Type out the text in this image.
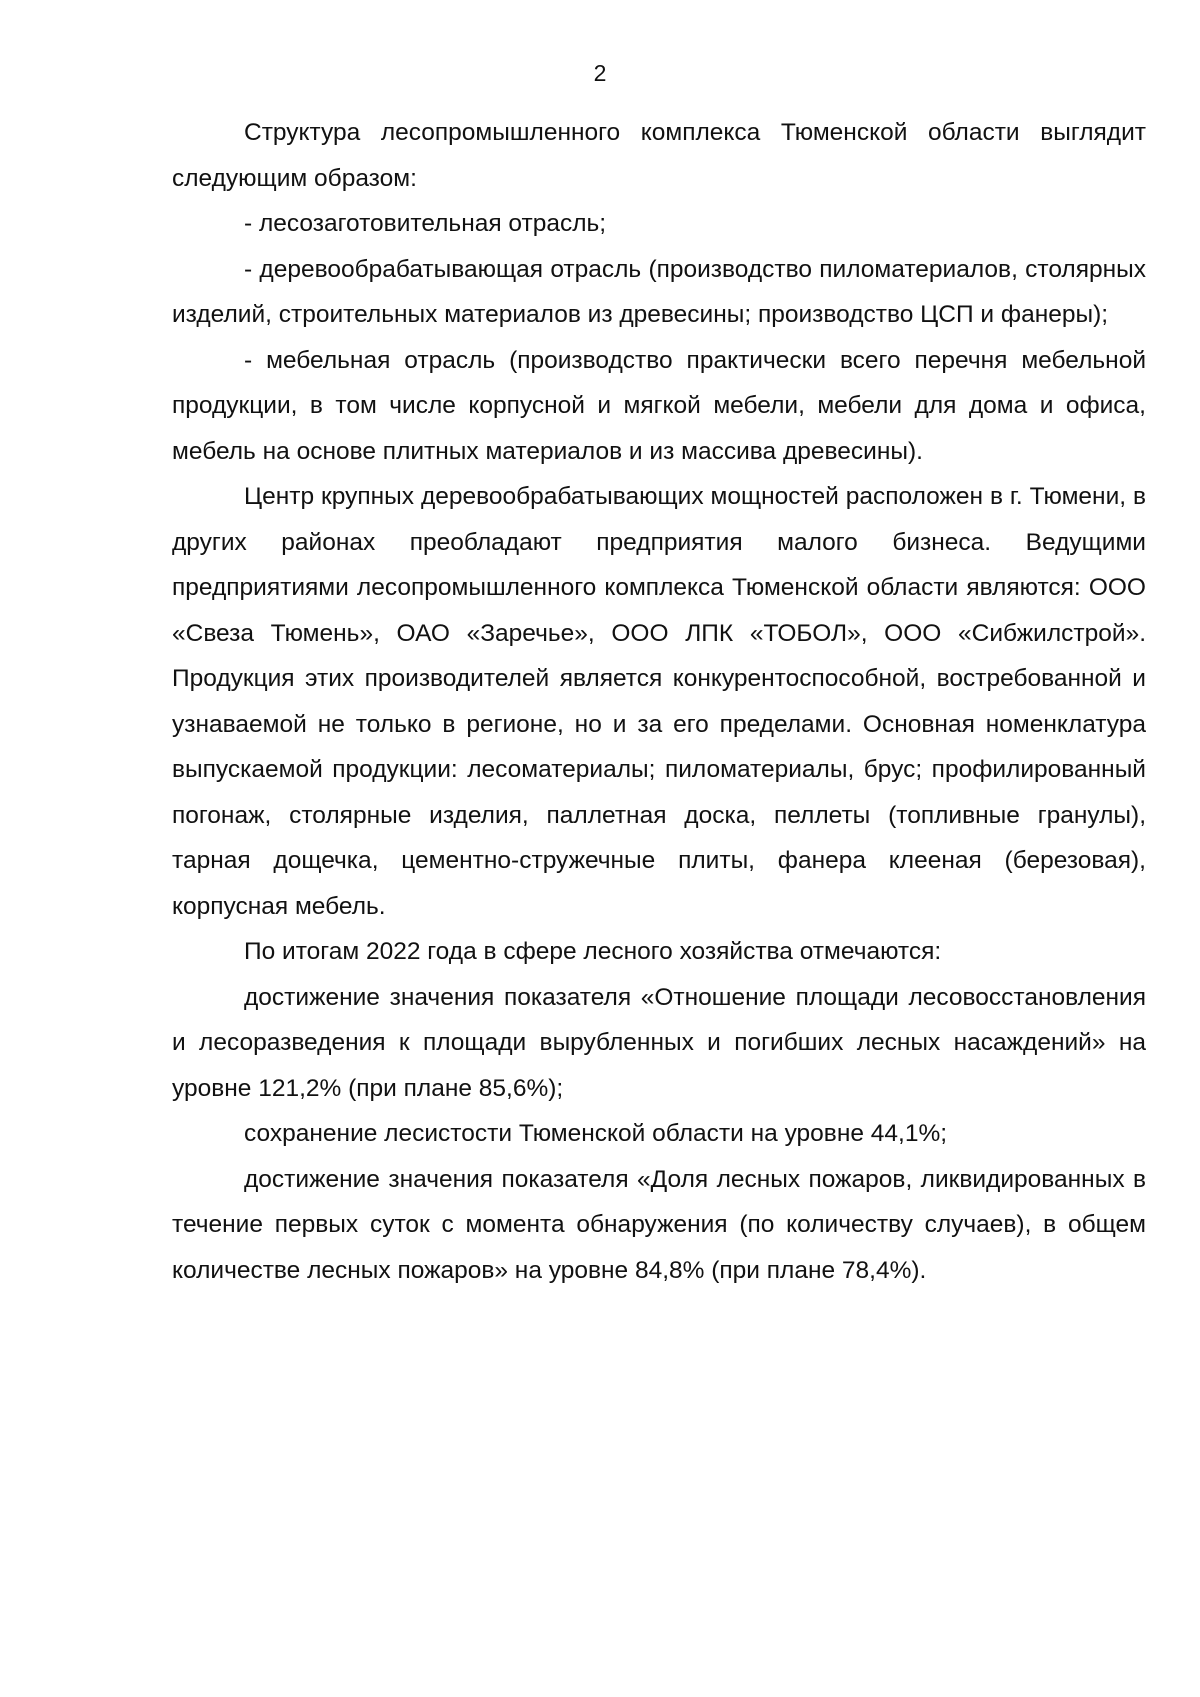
2

Структура лесопромышленного комплекса Тюменской области выглядит следующим образом:

- лесозаготовительная отрасль;

- деревообрабатывающая отрасль (производство пиломатериалов, столярных изделий, строительных материалов из древесины; производство ЦСП и фанеры);

- мебельная отрасль (производство практически всего перечня мебельной продукции, в том числе корпусной и мягкой мебели, мебели для дома и офиса, мебель на основе плитных материалов и из массива древесины).

Центр крупных деревообрабатывающих мощностей расположен в г. Тюмени, в других районах преобладают предприятия малого бизнеса. Ведущими предприятиями лесопромышленного комплекса Тюменской области являются: ООО «Свеза Тюмень», ОАО «Заречье», ООО ЛПК «ТОБОЛ», ООО «Сибжилстрой». Продукция этих производителей является конкурентоспособной, востребованной и узнаваемой не только в регионе, но и за его пределами. Основная номенклатура выпускаемой продукции: лесоматериалы; пиломатериалы, брус; профилированный погонаж, столярные изделия, паллетная доска, пеллеты (топливные гранулы), тарная дощечка, цементно-стружечные плиты, фанера клееная (березовая), корпусная мебель.

По итогам 2022 года в сфере лесного хозяйства отмечаются:

достижение значения показателя «Отношение площади лесовосстановления и лесоразведения к площади вырубленных и погибших лесных насаждений» на уровне 121,2% (при плане 85,6%);

сохранение лесистости Тюменской области на уровне 44,1%;

достижение значения показателя «Доля лесных пожаров, ликвидированных в течение первых суток с момента обнаружения (по количеству случаев), в общем количестве лесных пожаров» на уровне 84,8% (при плане 78,4%).
